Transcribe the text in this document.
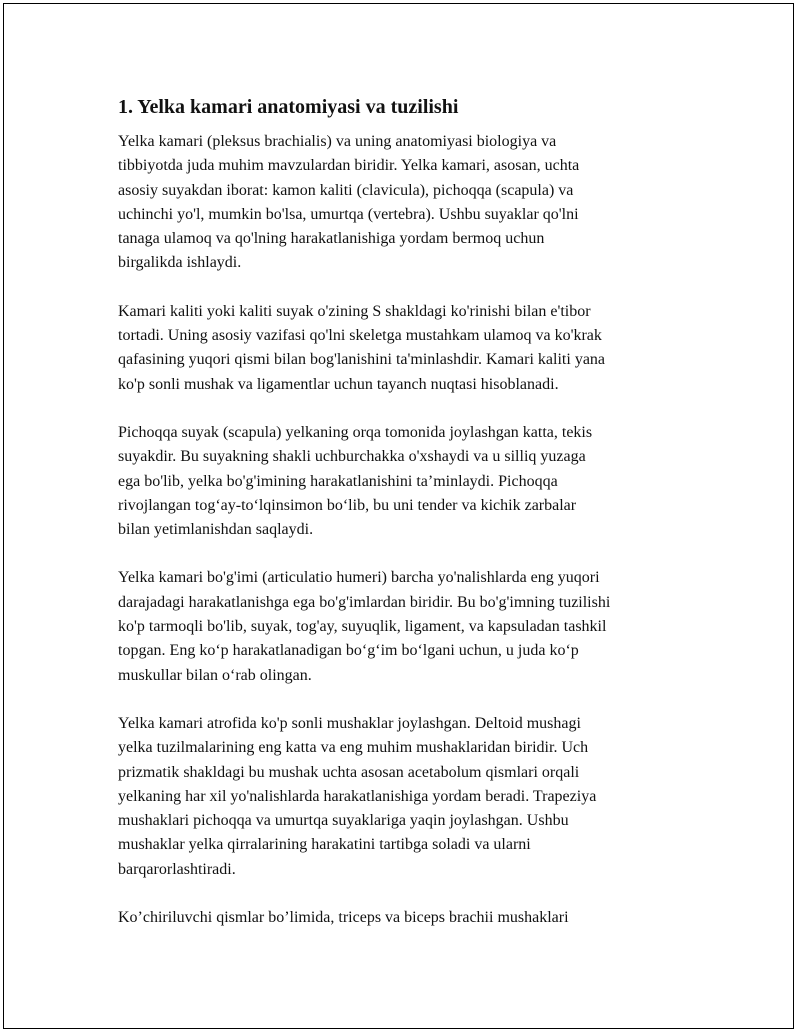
1. Yelka kamari anatomiyasi va tuzilishi

Yelka kamari (pleksus brachialis) va uning anatomiyasi biologiya va
tibbiyotda juda muhim mavzulardan biridir. Yelka kamari, asosan, uchta
asosiy suyakdan iborat: kamon kaliti (clavicula), pichoqqa (scapula) va
uchinchi yo'l, mumkin bo'lsa, umurtqa (vertebra). Ushbu suyaklar qo'lni
tanaga ulamoq va qo'lning harakatlanishiga yordam bermoq uchun
birgalikda ishlaydi.

Kamari kaliti yoki kaliti suyak o'zining S shakldagi ko'rinishi bilan e'tibor
tortadi. Uning asosiy vazifasi qo'lni skeletga mustahkam ulamoq va ko'krak
qafasining yuqori qismi bilan bog'lanishini ta'minlashdir. Kamari kaliti yana
ko'p sonli mushak va ligamentlar uchun tayanch nuqtasi hisoblanadi.

Pichoqqa suyak (scapula) yelkaning orqa tomonida joylashgan katta, tekis
suyakdir. Bu suyakning shakli uchburchakka o'xshaydi va u silliq yuzaga
ega bo'lib, yelka bo'g'imining harakatlanishini ta’minlaydi. Pichoqqa
rivojlangan tog‘ay-to‘lqinsimon bo‘lib, bu uni tender va kichik zarbalar
bilan yetimlanishdan saqlaydi.

Yelka kamari bo'g'imi (articulatio humeri) barcha yo'nalishlarda eng yuqori
darajadagi harakatlanishga ega bo'g'imlardan biridir. Bu bo'g'imning tuzilishi
ko'p tarmoqli bo'lib, suyak, tog'ay, suyuqlik, ligament, va kapsuladan tashkil
topgan. Eng ko‘p harakatlanadigan bo‘g‘im bo‘lgani uchun, u juda ko‘p
muskullar bilan o‘rab olingan.

Yelka kamari atrofida ko'p sonli mushaklar joylashgan. Deltoid mushagi
yelka tuzilmalarining eng katta va eng muhim mushaklaridan biridir. Uch
prizmatik shakldagi bu mushak uchta asosan acetabolum qismlari orqali
yelkaning har xil yo'nalishlarda harakatlanishiga yordam beradi. Trapeziya
mushaklari pichoqqa va umurtqa suyaklariga yaqin joylashgan. Ushbu
mushaklar yelka qirralarining harakatini tartibga soladi va ularni
barqarorlashtiradi.

Ko’chiriluvchi qismlar bo’limida, triceps va biceps brachii mushaklari
